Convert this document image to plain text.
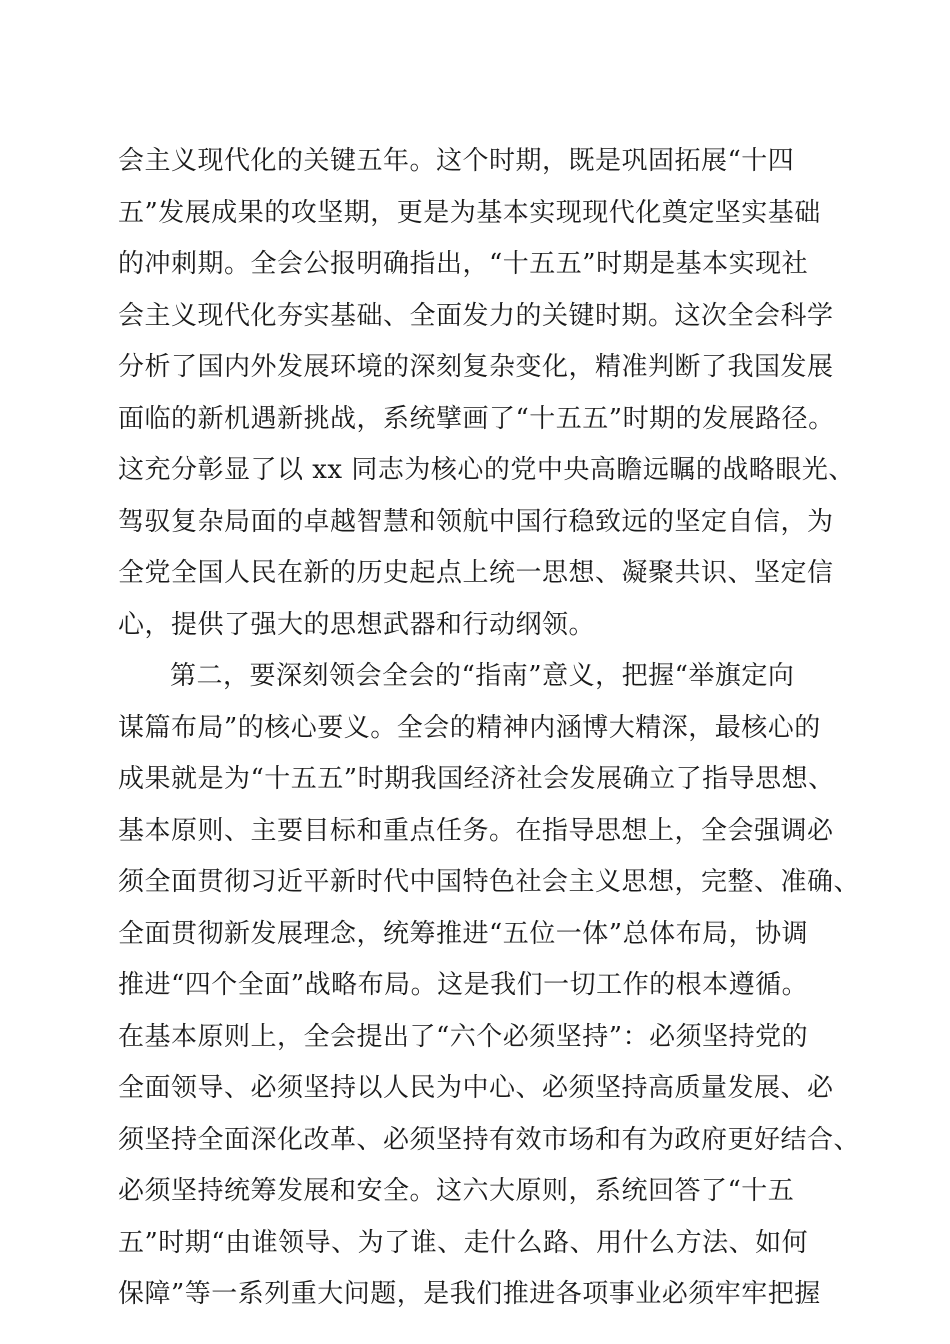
会主义现代化的关键五年。这个时期，既是巩固拓展“十四
五”发展成果的攻坚期，更是为基本实现现代化奠定坚实基础
的冲刺期。全会公报明确指出，“十五五”时期是基本实现社
会主义现代化夯实基础、全面发力的关键时期。这次全会科学
分析了国内外发展环境的深刻复杂变化，精准判断了我国发展
面临的新机遇新挑战，系统擘画了“十五五”时期的发展路径。
这充分彰显了以 xx 同志为核心的党中央高瞻远瞩的战略眼光、
驾驭复杂局面的卓越智慧和领航中国行稳致远的坚定自信，为
全党全国人民在新的历史起点上统一思想、凝聚共识、坚定信
心，提供了强大的思想武器和行动纲领。
第二，要深刻领会全会的“指南”意义，把握“举旗定向
谋篇布局”的核心要义。全会的精神内涵博大精深，最核心的
成果就是为“十五五”时期我国经济社会发展确立了指导思想、
基本原则、主要目标和重点任务。在指导思想上，全会强调必
须全面贯彻习近平新时代中国特色社会主义思想，完整、准确、
全面贯彻新发展理念，统筹推进“五位一体”总体布局，协调
推进“四个全面”战略布局。这是我们一切工作的根本遵循。
在基本原则上，全会提出了“六个必须坚持”：必须坚持党的
全面领导、必须坚持以人民为中心、必须坚持高质量发展、必
须坚持全面深化改革、必须坚持有效市场和有为政府更好结合、
必须坚持统筹发展和安全。这六大原则，系统回答了“十五
五”时期“由谁领导、为了谁、走什么路、用什么方法、如何
保障”等一系列重大问题，是我们推进各项事业必须牢牢把握
